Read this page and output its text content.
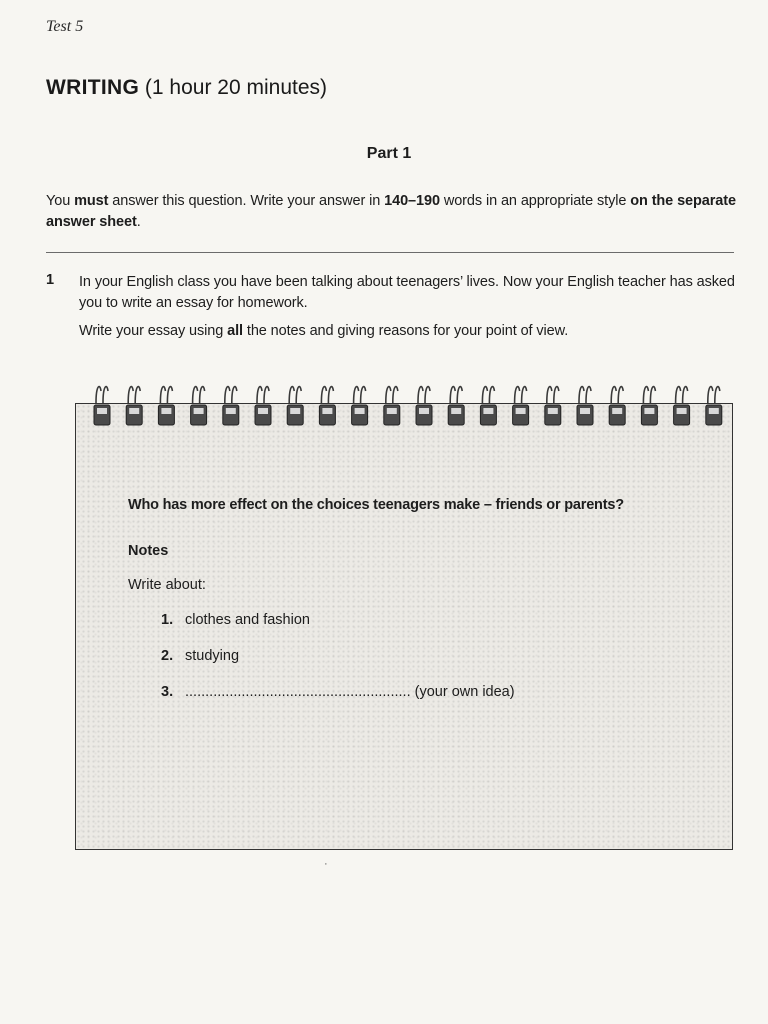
Test 5
WRITING (1 hour 20 minutes)
Part 1
You must answer this question. Write your answer in 140–190 words in an appropriate style on the separate answer sheet.
1 In your English class you have been talking about teenagers’ lives. Now your English teacher has asked you to write an essay for homework.

Write your essay using all the notes and giving reasons for your point of view.

Who has more effect on the choices teenagers make – friends or parents?
Notes
Write about:
1. clothes and fashion
2. studying
3. ........................................................ (your own idea)
·
